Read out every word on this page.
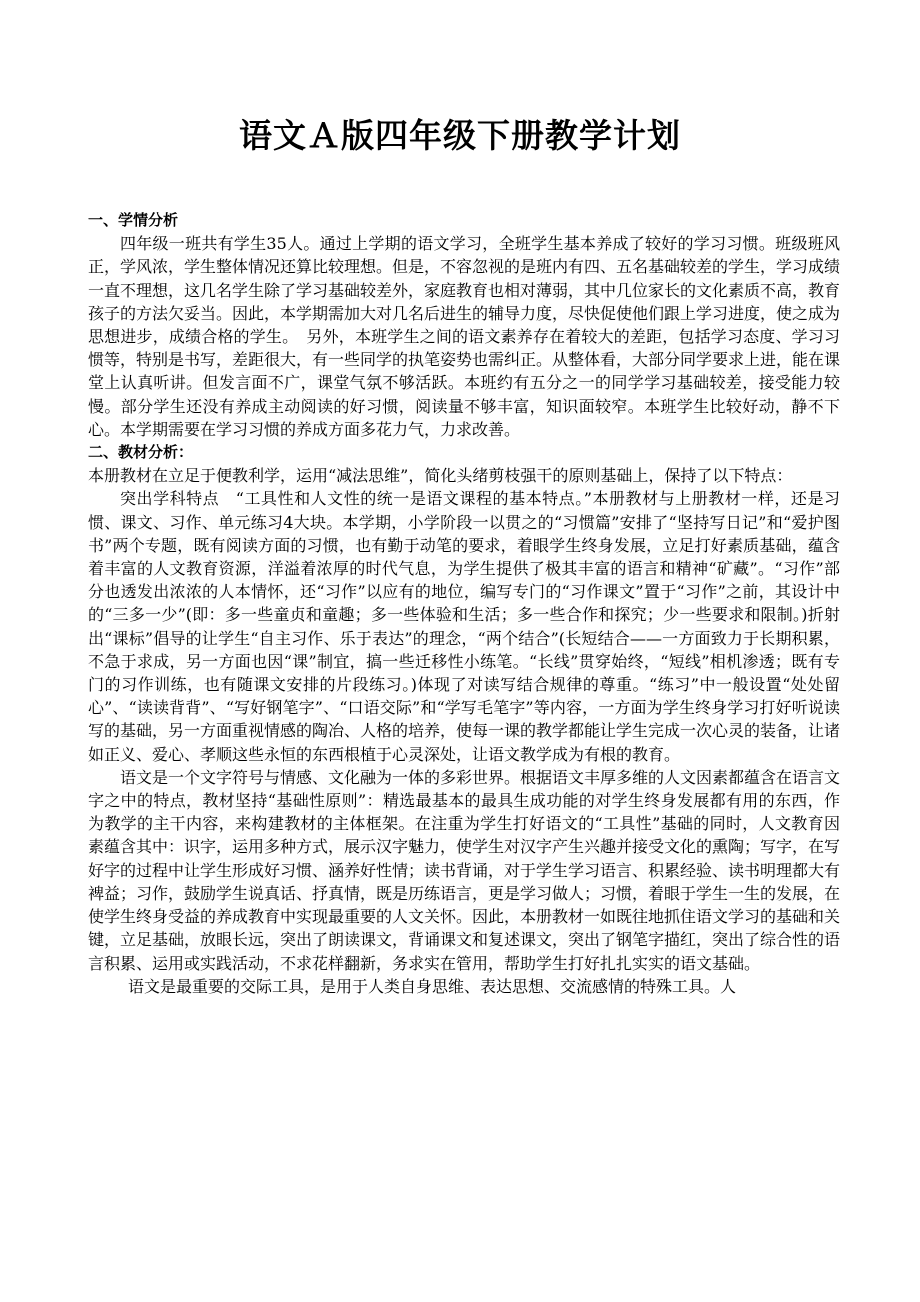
语文Ａ版四年级下册教学计划

一、学情分析

四年级一班共有学生35人。通过上学期的语文学习，全班学生基本养成了较好的学习习惯。班级班风正，学风浓，学生整体情况还算比较理想。但是，不容忽视的是班内有四、五名基础较差的学生，学习成绩一直不理想，这几名学生除了学习基础较差外，家庭教育也相对薄弱，其中几位家长的文化素质不高，教育孩子的方法欠妥当。因此，本学期需加大对几名后进生的辅导力度，尽快促使他们跟上学习进度，使之成为思想进步，成绩合格的学生。　另外，本班学生之间的语文素养存在着较大的差距，包括学习态度、学习习惯等，特别是书写，差距很大，有一些同学的执笔姿势也需纠正。从整体看，大部分同学要求上进，能在课堂上认真听讲。但发言面不广，课堂气氛不够活跃。本班约有五分之一的同学学习基础较差，接受能力较慢。部分学生还没有养成主动阅读的好习惯，阅读量不够丰富，知识面较窄。本班学生比较好动，静不下心。本学期需要在学习习惯的养成方面多花力气，力求改善。

二、教材分析：

本册教材在立足于便教利学，运用“减法思维”，简化头绪剪枝强干的原则基础上，保持了以下特点：

突出学科特点　“工具性和人文性的统一是语文课程的基本特点。”本册教材与上册教材一样，还是习惯、课文、习作、单元练习4大块。本学期，小学阶段一以贯之的“习惯篇”安排了“坚持写日记”和“爱护图书”两个专题，既有阅读方面的习惯，也有勤于动笔的要求，着眼学生终身发展，立足打好素质基础，蕴含着丰富的人文教育资源，洋溢着浓厚的时代气息，为学生提供了极其丰富的语言和精神“矿藏”。“习作”部分也透发出浓浓的人本情怀，还“习作”以应有的地位，编写专门的“习作课文”置于“习作”之前，其设计中的“三多一少”(即：多一些童贞和童趣；多一些体验和生活；多一些合作和探究；少一些要求和限制。)折射出“课标”倡导的让学生“自主习作、乐于表达”的理念，“两个结合”(长短结合——一方面致力于长期积累，不急于求成，另一方面也因“课”制宜，搞一些迁移性小练笔。“长线”贯穿始终，“短线”相机渗透；既有专门的习作训练，也有随课文安排的片段练习。)体现了对读写结合规律的尊重。“练习”中一般设置“处处留心”、“读读背背”、“写好钢笔字”、“口语交际”和“学写毛笔字”等内容，一方面为学生终身学习打好听说读写的基础，另一方面重视情感的陶冶、人格的培养，使每一课的教学都能让学生完成一次心灵的装备，让诸如正义、爱心、孝顺这些永恒的东西根植于心灵深处，让语文教学成为有根的教育。

语文是一个文字符号与情感、文化融为一体的多彩世界。根据语文丰厚多维的人文因素都蕴含在语言文字之中的特点，教材坚持“基础性原则”：精选最基本的最具生成功能的对学生终身发展都有用的东西，作为教学的主干内容，来构建教材的主体框架。在注重为学生打好语文的“工具性”基础的同时，人文教育因素蕴含其中：识字，运用多种方式，展示汉字魅力，使学生对汉字产生兴趣并接受文化的熏陶；写字，在写好字的过程中让学生形成好习惯、涵养好性情；读书背诵，对于学生学习语言、积累经验、读书明理都大有裨益；习作，鼓励学生说真话、抒真情，既是历练语言，更是学习做人；习惯，着眼于学生一生的发展，在使学生终身受益的养成教育中实现最重要的人文关怀。因此，本册教材一如既往地抓住语文学习的基础和关键，立足基础，放眼长远，突出了朗读课文，背诵课文和复述课文，突出了钢笔字描红，突出了综合性的语言积累、运用或实践活动，不求花样翻新，务求实在管用，帮助学生打好扎扎实实的语文基础。

语文是最重要的交际工具，是用于人类自身思维、表达思想、交流感情的特殊工具。人
